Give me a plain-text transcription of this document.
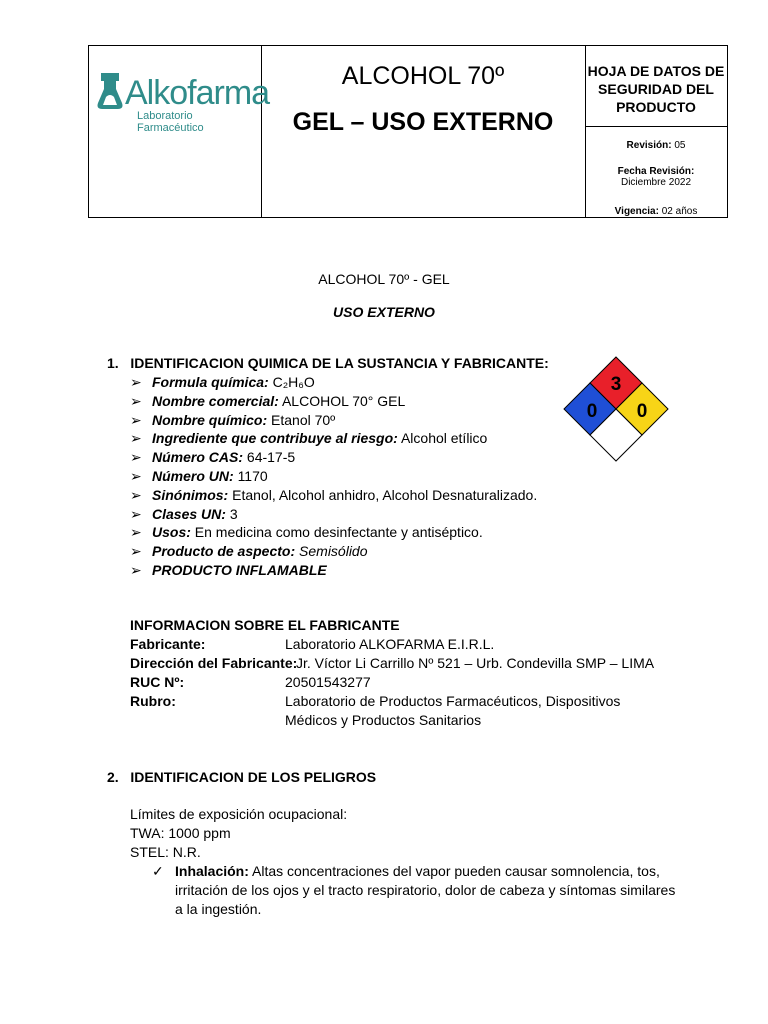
Alkofarma
Laboratorio Farmacéutico
ALCOHOL 70º
GEL – USO EXTERNO
HOJA DE DATOS DE SEGURIDAD DEL PRODUCTO
Revisión: 05
Fecha Revisión:
Diciembre 2022
Vigencia: 02 años
ALCOHOL 70º - GEL
USO EXTERNO
1.   IDENTIFICACION QUIMICA DE LA SUSTANCIA Y FABRICANTE:
➢ Formula química: C₂H₆O
➢ Nombre comercial: ALCOHOL 70° GEL
➢ Nombre químico: Etanol 70º
➢ Ingrediente que contribuye al riesgo: Alcohol etílico
➢ Número CAS: 64-17-5
➢ Número UN: 1170
➢ Sinónimos: Etanol, Alcohol anhidro, Alcohol Desnaturalizado.
➢ Clases UN: 3
➢ Usos: En medicina como desinfectante y antiséptico.
➢ Producto de aspecto: Semisólido
➢ PRODUCTO INFLAMABLE
3
0 0
INFORMACION SOBRE EL FABRICANTE
Fabricante:	Laboratorio ALKOFARMA E.I.R.L.
Dirección del Fabricante:
Jr. Víctor Li Carrillo Nº 521 – Urb. Condevilla SMP – LIMA
RUC Nº:	20501543277
Rubro:	Laboratorio de Productos Farmacéuticos, Dispositivos
Médicos y Productos Sanitarios
2.   IDENTIFICACION DE LOS PELIGROS
Límites de exposición ocupacional:
TWA: 1000 ppm
STEL: N.R.
✓ Inhalación: Altas concentraciones del vapor pueden causar somnolencia, tos,
irritación de los ojos y el tracto respiratorio, dolor de cabeza y síntomas similares
a la ingestión.
